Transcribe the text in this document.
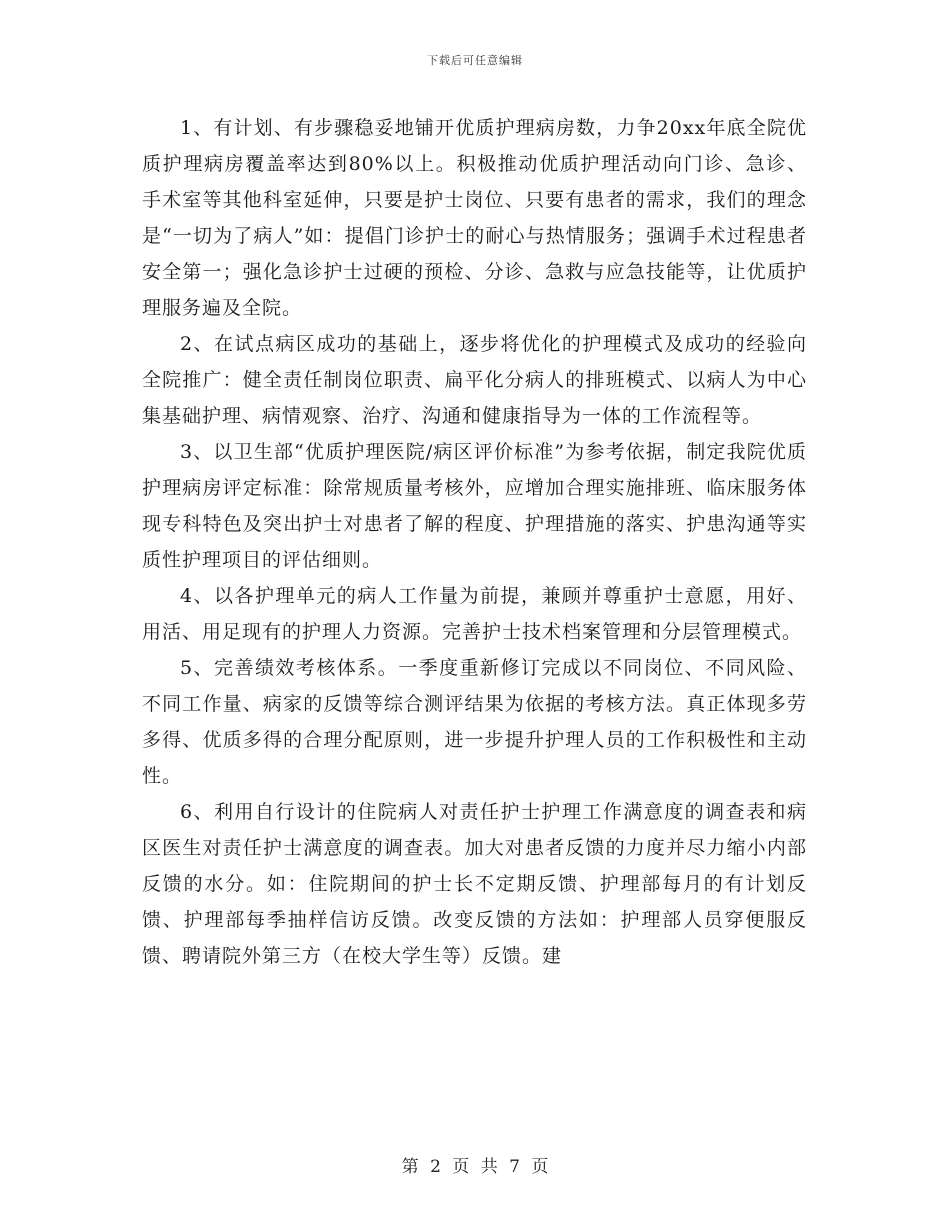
下载后可任意编辑

1、有计划、有步骤稳妥地铺开优质护理病房数，力争20xx年底全院优质护理病房覆盖率达到80%以上。积极推动优质护理活动向门诊、急诊、手术室等其他科室延伸，只要是护士岗位、只要有患者的需求，我们的理念是“一切为了病人”如：提倡门诊护士的耐心与热情服务；强调手术过程患者安全第一；强化急诊护士过硬的预检、分诊、急救与应急技能等，让优质护理服务遍及全院。

2、在试点病区成功的基础上，逐步将优化的护理模式及成功的经验向全院推广：健全责任制岗位职责、扁平化分病人的排班模式、以病人为中心集基础护理、病情观察、治疗、沟通和健康指导为一体的工作流程等。

3、以卫生部“优质护理医院/病区评价标准”为参考依据，制定我院优质护理病房评定标准：除常规质量考核外，应增加合理实施排班、临床服务体现专科特色及突出护士对患者了解的程度、护理措施的落实、护患沟通等实质性护理项目的评估细则。

4、以各护理单元的病人工作量为前提，兼顾并尊重护士意愿，用好、用活、用足现有的护理人力资源。完善护士技术档案管理和分层管理模式。

5、完善绩效考核体系。一季度重新修订完成以不同岗位、不同风险、不同工作量、病家的反馈等综合测评结果为依据的考核方法。真正体现多劳多得、优质多得的合理分配原则，进一步提升护理人员的工作积极性和主动性。

6、利用自行设计的住院病人对责任护士护理工作满意度的调查表和病区医生对责任护士满意度的调查表。加大对患者反馈的力度并尽力缩小内部反馈的水分。如：住院期间的护士长不定期反馈、护理部每月的有计划反馈、护理部每季抽样信访反馈。改变反馈的方法如：护理部人员穿便服反馈、聘请院外第三方（在校大学生等）反馈。建

第 2 页 共 7 页
